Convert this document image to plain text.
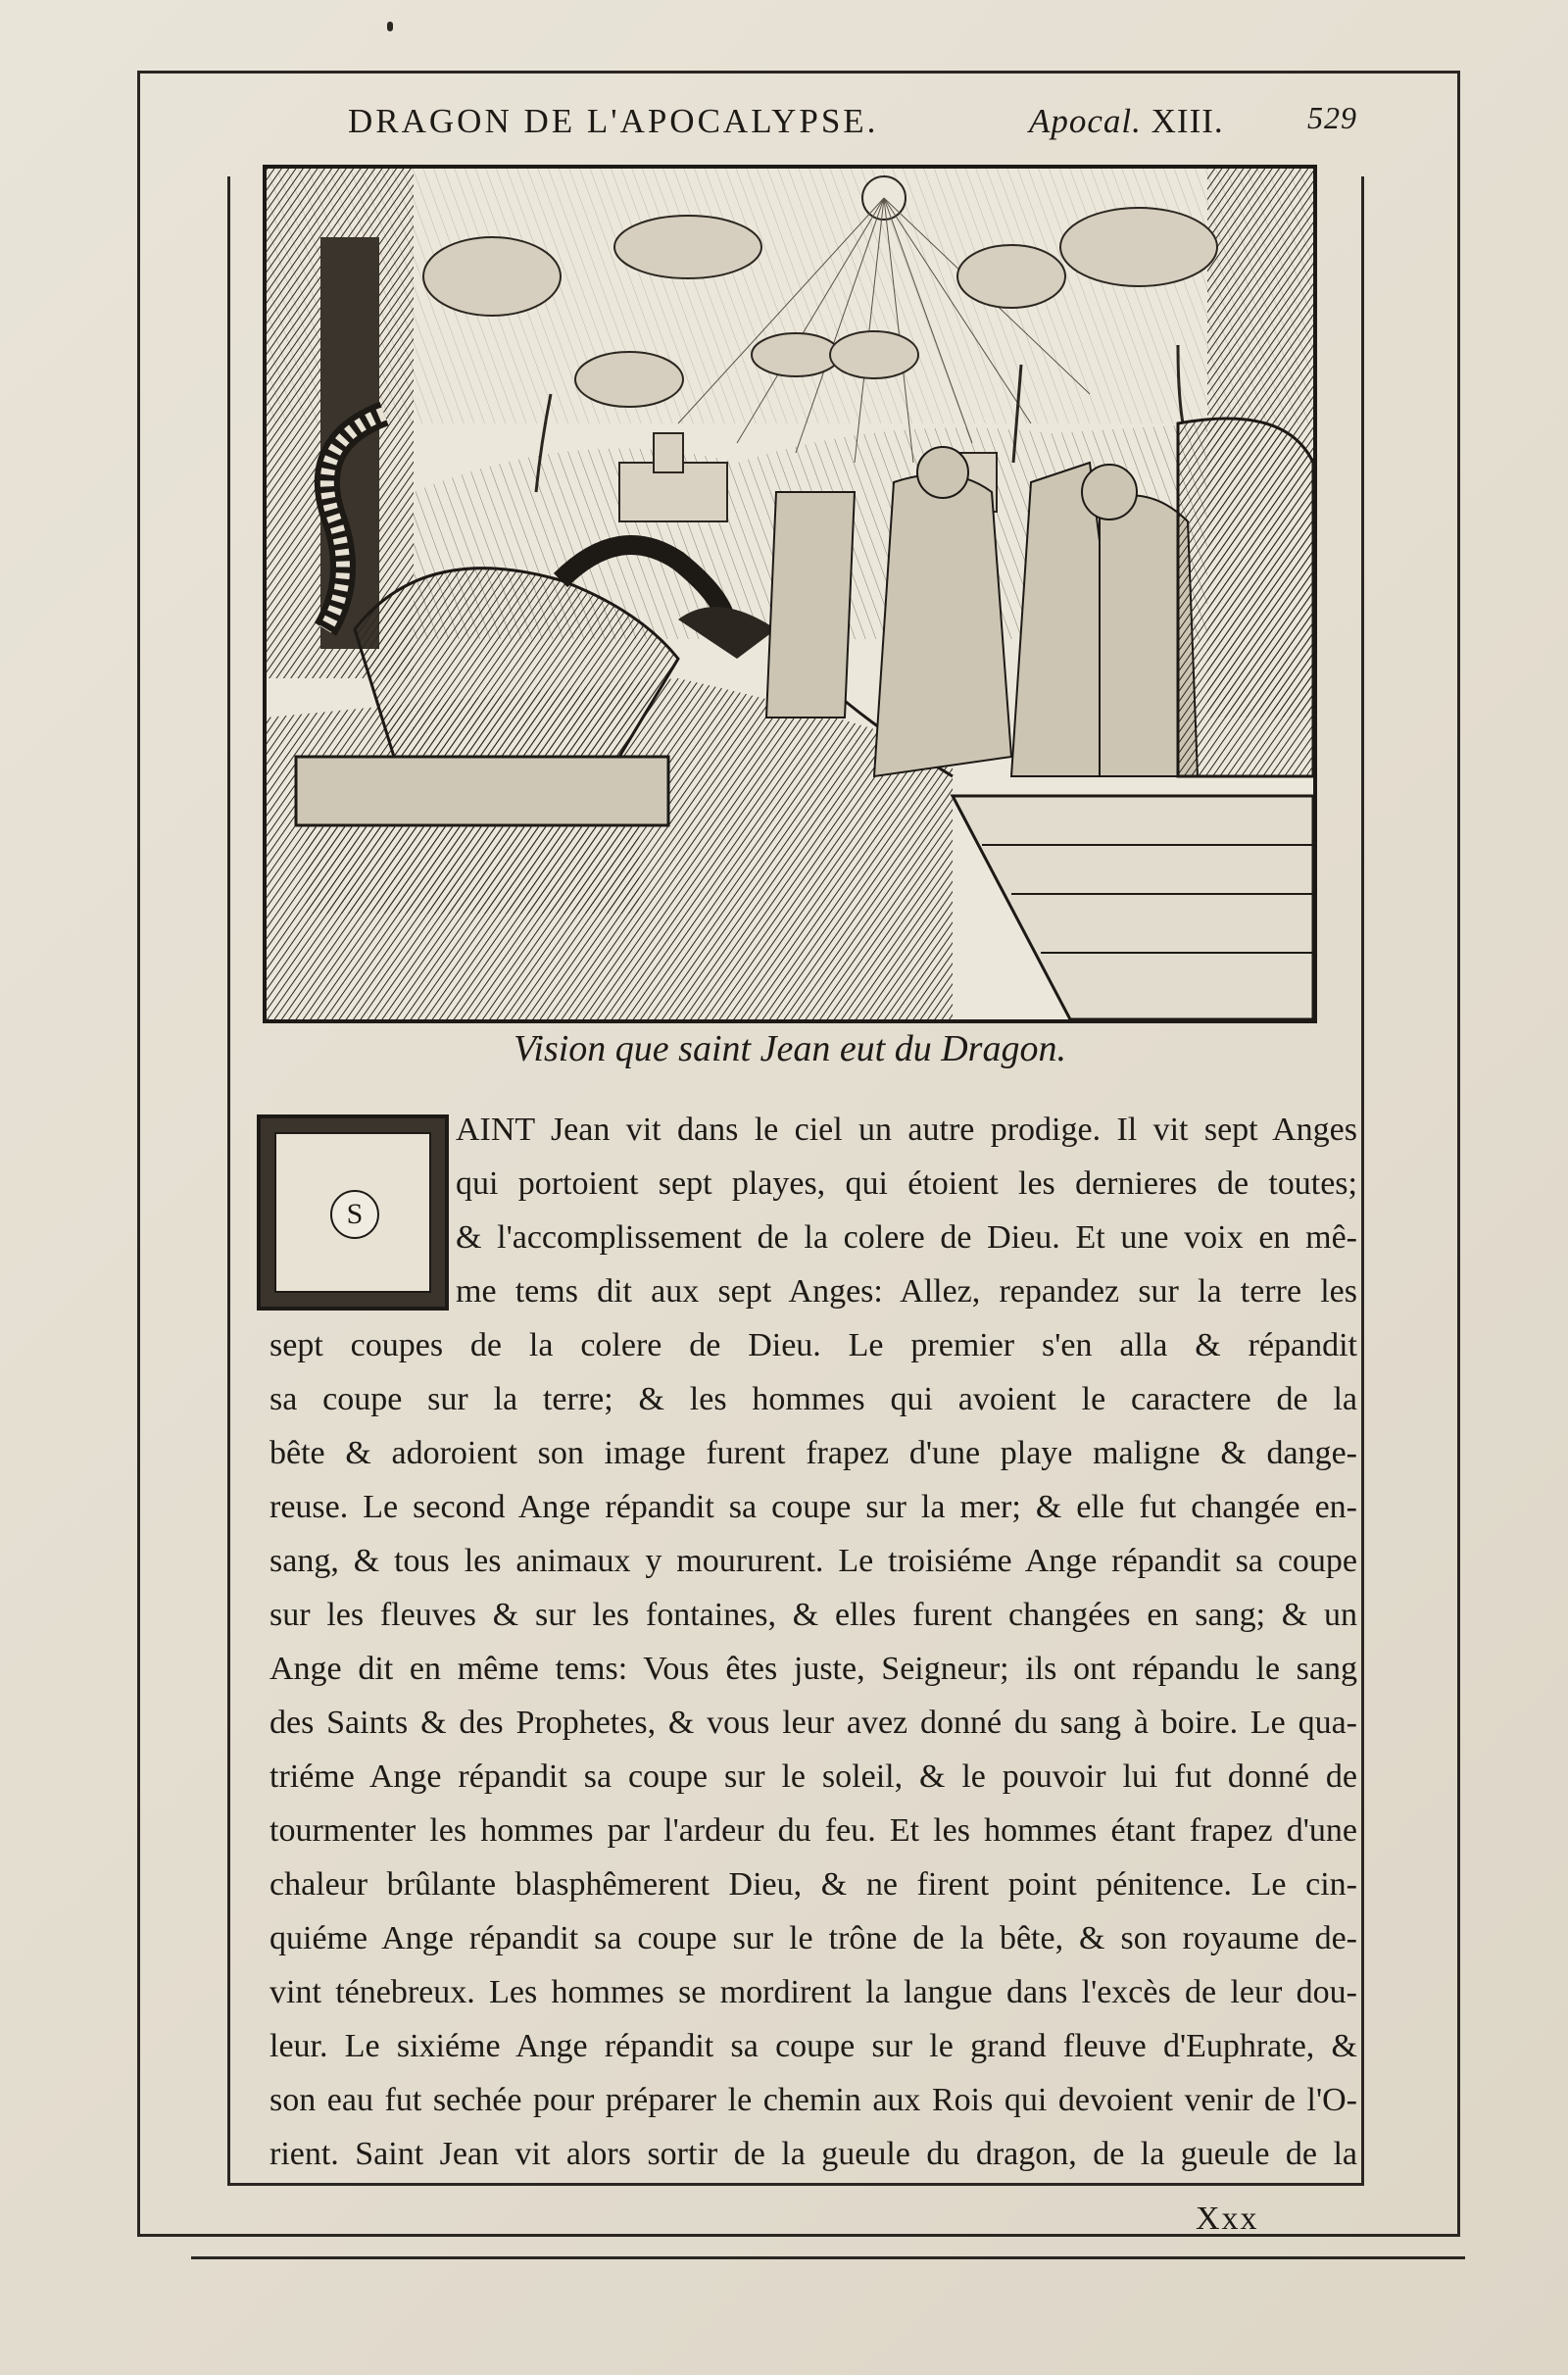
DRAGON DE L'APOCALYPSE.	Apocal. XIII.	529
Vision que saint Jean eut du Dragon.
S
AINT Jean vit dans le ciel un autre prodige. Il vit sept Anges
qui portoient sept playes, qui étoient les dernieres de toutes;
& l'accomplissement de la colere de Dieu. Et une voix en mê-
me tems dit aux sept Anges: Allez, repandez sur la terre les
sept coupes de la colere de Dieu. Le premier s'en alla & répandit
sa coupe sur la terre; & les hommes qui avoient le caractere de la
bête & adoroient son image furent frapez d'une playe maligne & dange-
reuse. Le second Ange répandit sa coupe sur la mer; & elle fut changée en-
sang, & tous les animaux y moururent. Le troisiéme Ange répandit sa coupe
sur les fleuves & sur les fontaines, & elles furent changées en sang; & un
Ange dit en même tems: Vous êtes juste, Seigneur; ils ont répandu le sang
des Saints & des Prophetes, & vous leur avez donné du sang à boire. Le qua-
triéme Ange répandit sa coupe sur le soleil, & le pouvoir lui fut donné de
tourmenter les hommes par l'ardeur du feu. Et les hommes étant frapez d'une
chaleur brûlante blasphêmerent Dieu, & ne firent point pénitence. Le cin-
quiéme Ange répandit sa coupe sur le trône de la bête, & son royaume de-
vint ténebreux. Les hommes se mordirent la langue dans l'excès de leur dou-
leur. Le sixiéme Ange répandit sa coupe sur le grand fleuve d'Euphrate, &
son eau fut sechée pour préparer le chemin aux Rois qui devoient venir de l'O-
rient. Saint Jean vit alors sortir de la gueule du dragon, de la gueule de la
Xxx
